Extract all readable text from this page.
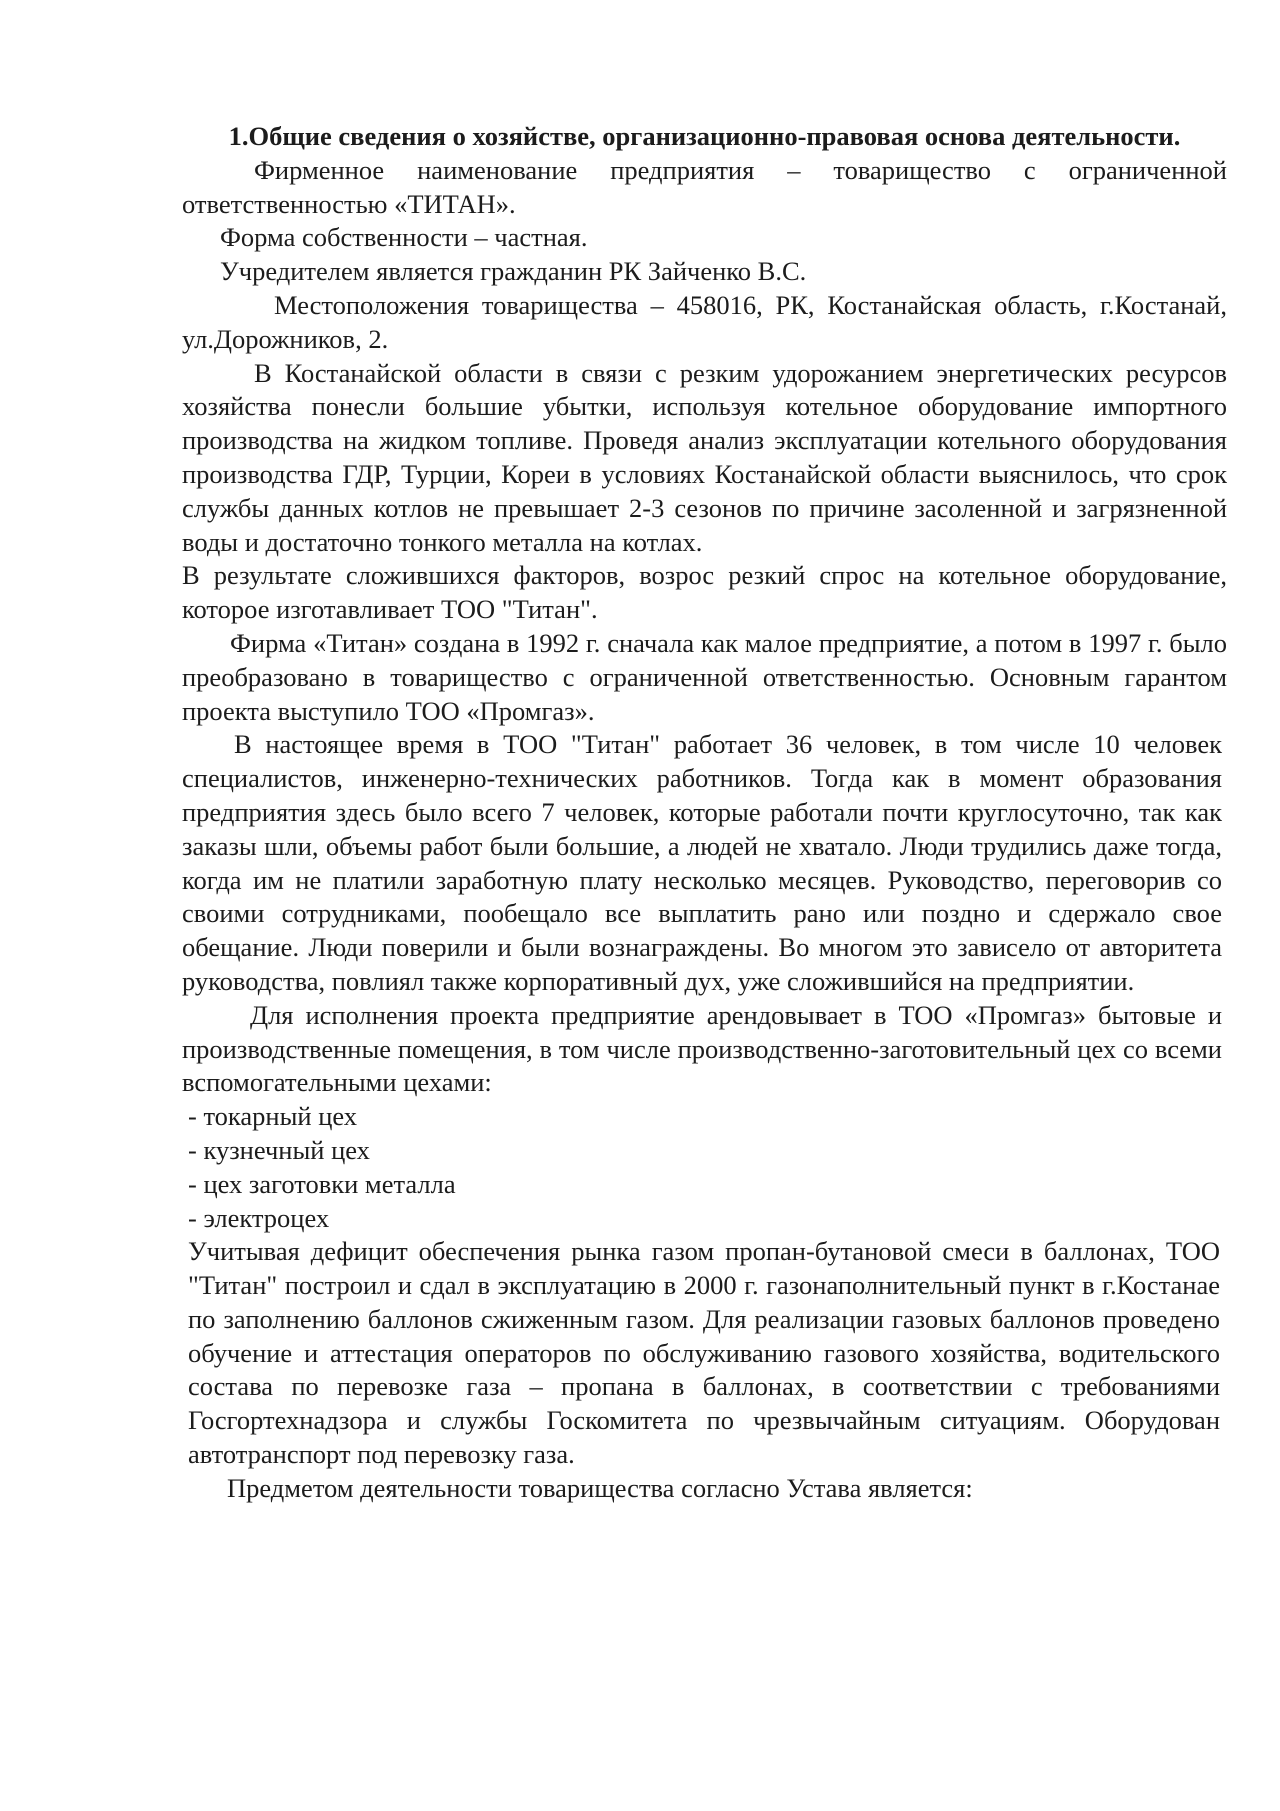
1.Общие сведения о хозяйстве, организационно-правовая основа деятельности.

Фирменное наименование предприятия – товарищество с ограниченной ответственностью «ТИТАН».

Форма собственности – частная.

Учредителем является гражданин РК Зайченко В.С.

Местоположения товарищества – 458016, РК, Костанайская область, г.Костанай, ул.Дорожников, 2.

В Костанайской области в связи с резким удорожанием энергетических ресурсов хозяйства понесли большие убытки, используя котельное оборудование импортного производства на жидком топливе. Проведя анализ эксплуатации котельного оборудования производства ГДР, Турции, Кореи в условиях Костанайской области выяснилось, что срок службы данных котлов не превышает 2-3 сезонов по причине засоленной и загрязненной воды и достаточно тонкого металла на котлах.

В результате сложившихся факторов, возрос резкий спрос на котельное оборудование, которое изготавливает ТОО "Титан".

Фирма «Титан» создана в 1992 г. сначала как малое предприятие, а потом в 1997 г. было преобразовано в товарищество с ограниченной ответственностью. Основным гарантом проекта выступило ТОО «Промгаз».

В настоящее время в ТОО "Титан" работает 36 человек, в том числе 10 человек специалистов, инженерно-технических работников. Тогда как в момент образования предприятия здесь было всего 7 человек, которые работали почти круглосуточно, так как заказы шли, объемы работ были большие, а людей не хватало. Люди трудились даже тогда, когда им не платили заработную плату несколько месяцев. Руководство, переговорив со своими сотрудниками, пообещало все выплатить рано или поздно и сдержало свое обещание. Люди поверили и были вознаграждены. Во многом это зависело от авторитета руководства, повлиял также корпоративный дух, уже сложившийся на предприятии.

Для исполнения проекта предприятие арендовывает в ТОО «Промгаз» бытовые и производственные помещения, в том числе производственно-заготовительный цех со всеми вспомогательными цехами:

- токарный цех
- кузнечный цех
- цех заготовки металла
- электроцех

Учитывая дефицит обеспечения рынка газом пропан-бутановой смеси в баллонах, ТОО "Титан" построил и сдал в эксплуатацию в 2000 г. газонаполнительный пункт в г.Костанае по заполнению баллонов сжиженным газом. Для реализации газовых баллонов проведено обучение и аттестация операторов по обслуживанию газового хозяйства, водительского состава по перевозке газа – пропана в баллонах, в соответствии с требованиями Госгортехнадзора и службы Госкомитета по чрезвычайным ситуациям. Оборудован автотранспорт под перевозку газа.

Предметом деятельности товарищества согласно Устава является:
